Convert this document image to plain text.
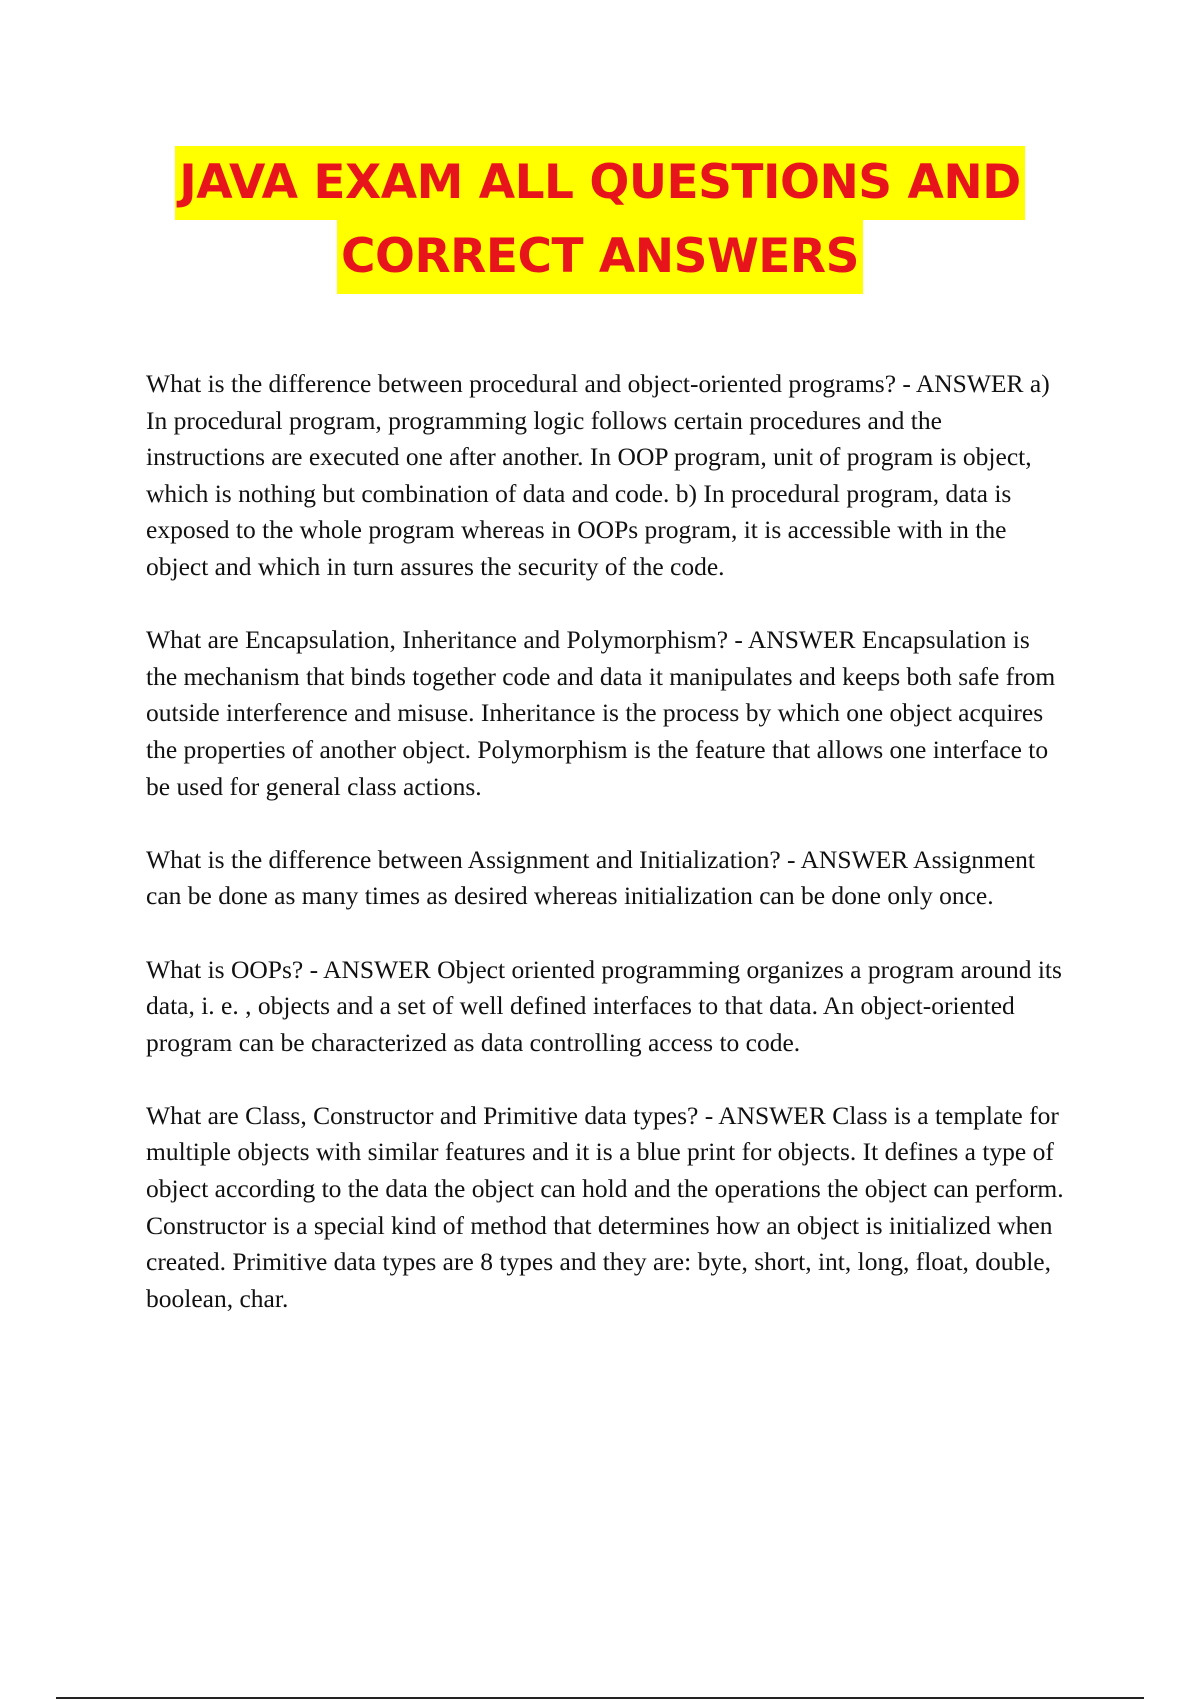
JAVA EXAM ALL QUESTIONS AND
CORRECT ANSWERS

What is the difference between procedural and object-oriented programs? - ANSWER a) In procedural program, programming logic follows certain procedures and the instructions are executed one after another. In OOP program, unit of program is object, which is nothing but combination of data and code. b) In procedural program, data is exposed to the whole program whereas in OOPs program, it is accessible with in the object and which in turn assures the security of the code.

What are Encapsulation, Inheritance and Polymorphism? - ANSWER Encapsulation is the mechanism that binds together code and data it manipulates and keeps both safe from outside interference and misuse. Inheritance is the process by which one object acquires the properties of another object. Polymorphism is the feature that allows one interface to be used for general class actions.

What is the difference between Assignment and Initialization? - ANSWER Assignment can be done as many times as desired whereas initialization can be done only once.

What is OOPs? - ANSWER Object oriented programming organizes a program around its data, i. e. , objects and a set of well defined interfaces to that data. An object-oriented program can be characterized as data controlling access to code.

What are Class, Constructor and Primitive data types? - ANSWER Class is a template for multiple objects with similar features and it is a blue print for objects. It defines a type of object according to the data the object can hold and the operations the object can perform. Constructor is a special kind of method that determines how an object is initialized when created. Primitive data types are 8 types and they are: byte, short, int, long, float, double, boolean, char.
